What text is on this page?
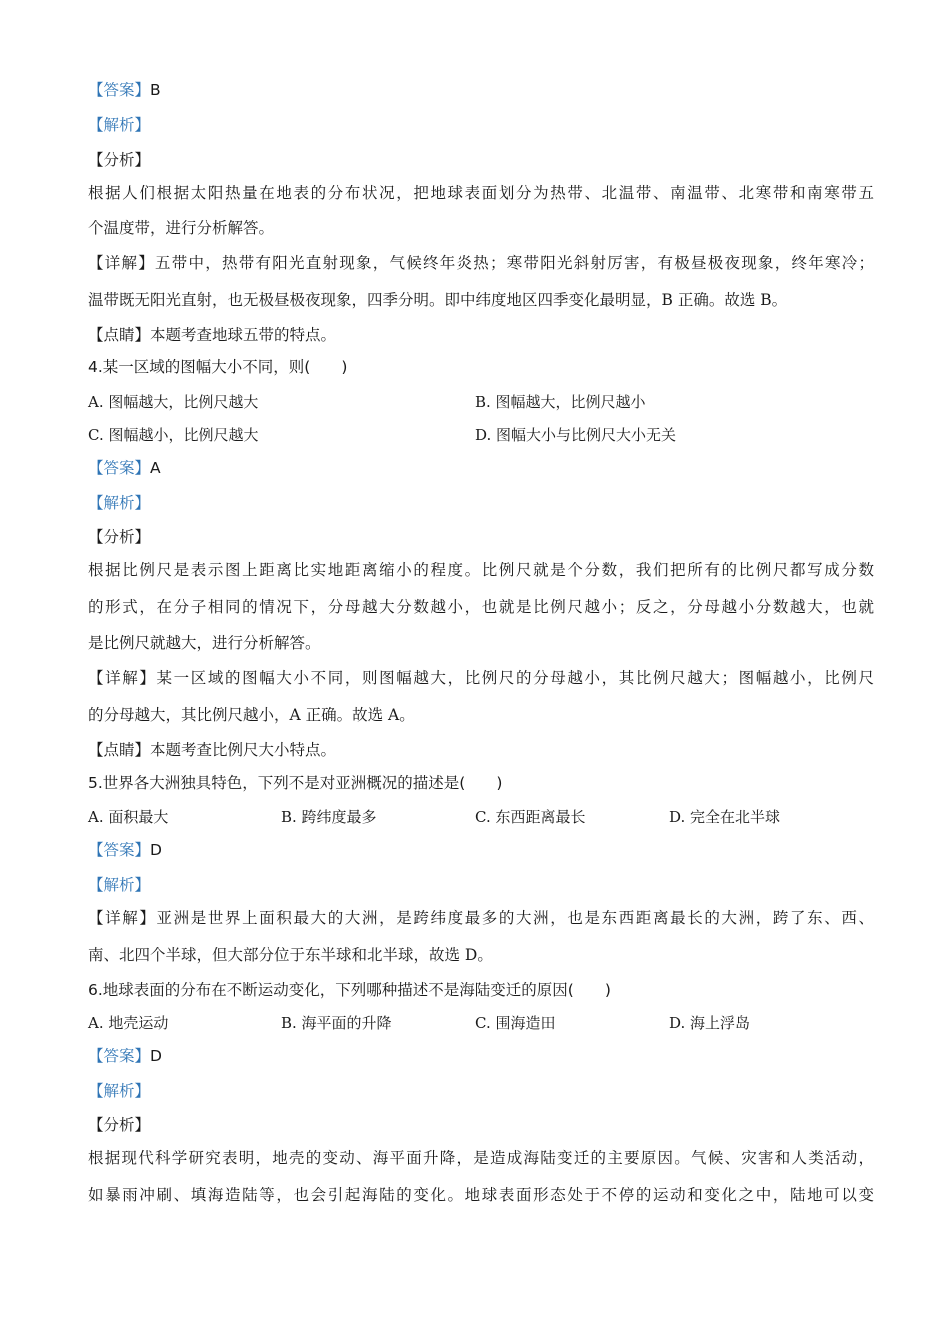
【答案】B
【解析】
【分析】
根据人们根据太阳热量在地表的分布状况，把地球表面划分为热带、北温带、南温带、北寒带和南寒带五
个温度带，进行分析解答。
【详解】五带中，热带有阳光直射现象，气候终年炎热；寒带阳光斜射厉害，有极昼极夜现象，终年寒冷；
温带既无阳光直射，也无极昼极夜现象，四季分明。即中纬度地区四季变化最明显，B 正确。故选 B。
【点睛】本题考查地球五带的特点。
4.某一区域的图幅大小不同，则(　　)
A. 图幅越大，比例尺越大	B. 图幅越大，比例尺越小
C. 图幅越小，比例尺越大	D. 图幅大小与比例尺大小无关
【答案】A
【解析】
【分析】
根据比例尺是表示图上距离比实地距离缩小的程度。比例尺就是个分数，我们把所有的比例尺都写成分数
的形式，在分子相同的情况下，分母越大分数越小，也就是比例尺越小；反之，分母越小分数越大，也就
是比例尺就越大，进行分析解答。
【详解】某一区域的图幅大小不同，则图幅越大，比例尺的分母越小，其比例尺越大；图幅越小，比例尺
的分母越大，其比例尺越小，A 正确。故选 A。
【点睛】本题考查比例尺大小特点。
5.世界各大洲独具特色，下列不是对亚洲概况的描述是(　　)
A. 面积最大	B. 跨纬度最多	C. 东西距离最长	D. 完全在北半球
【答案】D
【解析】
【详解】亚洲是世界上面积最大的大洲，是跨纬度最多的大洲，也是东西距离最长的大洲，跨了东、西、
南、北四个半球，但大部分位于东半球和北半球，故选 D。
6.地球表面的分布在不断运动变化，下列哪种描述不是海陆变迁的原因(　　)
A. 地壳运动	B. 海平面的升降	C. 围海造田	D. 海上浮岛
【答案】D
【解析】
【分析】
根据现代科学研究表明，地壳的变动、海平面升降，是造成海陆变迁的主要原因。气候、灾害和人类活动，
如暴雨冲刷、填海造陆等，也会引起海陆的变化。地球表面形态处于不停的运动和变化之中，陆地可以变
